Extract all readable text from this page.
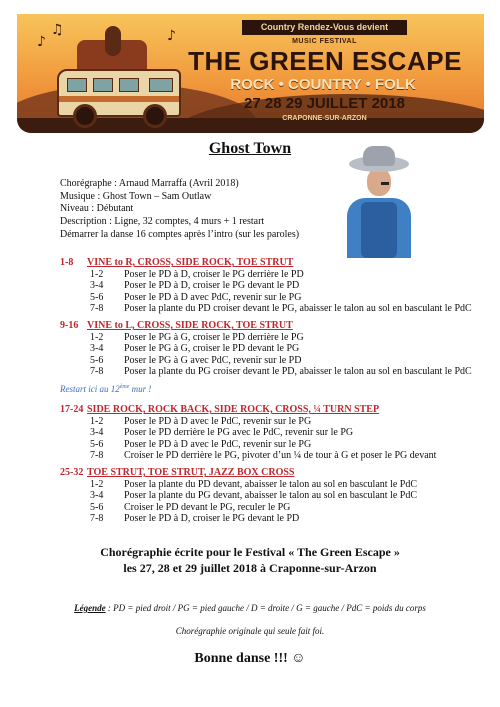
♪
♫	♪
Country Rendez-Vous devient
MUSIC FESTIVAL
THE GREEN ESCAPE
ROCK • COUNTRY • FOLK
27 28 29 JUILLET 2018
CRAPONNE-SUR-ARZON
Ghost Town
Chorégraphe : Arnaud Marraffa (Avril 2018)
Musique : Ghost Town – Sam Outlaw
Niveau : Débutant
Description : Ligne, 32 comptes, 4 murs + 1 restart
Démarrer la danse 16 comptes après l’intro (sur les paroles)
1-8	VINE to R, CROSS, SIDE ROCK, TOE STRUT
1-2	Poser le PD à D, croiser le PG derrière le PD
3-4	Poser le PD à D, croiser le PG devant le PD
5-6	Poser le PD à D avec PdC, revenir sur le PG
7-8	Poser la plante du PD croiser devant le PG, abaisser le talon au sol en basculant le PdC
9-16 VINE to L, CROSS, SIDE ROCK, TOE STRUT
1-2	Poser le PG à G, croiser le PD derrière le PG
3-4	Poser le PG à G, croiser le PD devant le PG
5-6	Poser le PG à G avec PdC, revenir sur le PD
7-8	Poser la plante du PG croiser devant le PD, abaisser le talon au sol en basculant le PdC
Restart ici au 12ème mur !
17-24 SIDE ROCK, ROCK BACK, SIDE ROCK, CROSS, ¼ TURN STEP
1-2	Poser le PD à D avec le PdC, revenir sur le PG
3-4	Poser le PD derrière le PG avec le PdC, revenir sur le PG
5-6	Poser le PD à D avec le PdC, revenir sur le PG
7-8	Croiser le PD derrière le PG, pivoter d’un ¼ de tour à G et poser le PG devant
25-32 TOE STRUT, TOE STRUT, JAZZ BOX CROSS
1-2	Poser la plante du PD devant, abaisser le talon au sol en basculant le PdC
3-4	Poser la plante du PG devant, abaisser le talon au sol en basculant le PdC
5-6	Croiser le PD devant le PG, reculer le PG
7-8	Poser le PD à D, croiser le PG devant le PD
Chorégraphie écrite pour le Festival « The Green Escape »
les 27, 28 et 29 juillet 2018 à Craponne-sur-Arzon
Légende : PD = pied droit / PG = pied gauche / D = droite / G = gauche / PdC = poids du corps
Chorégraphie originale qui seule fait foi.
Bonne danse !!! ☺
